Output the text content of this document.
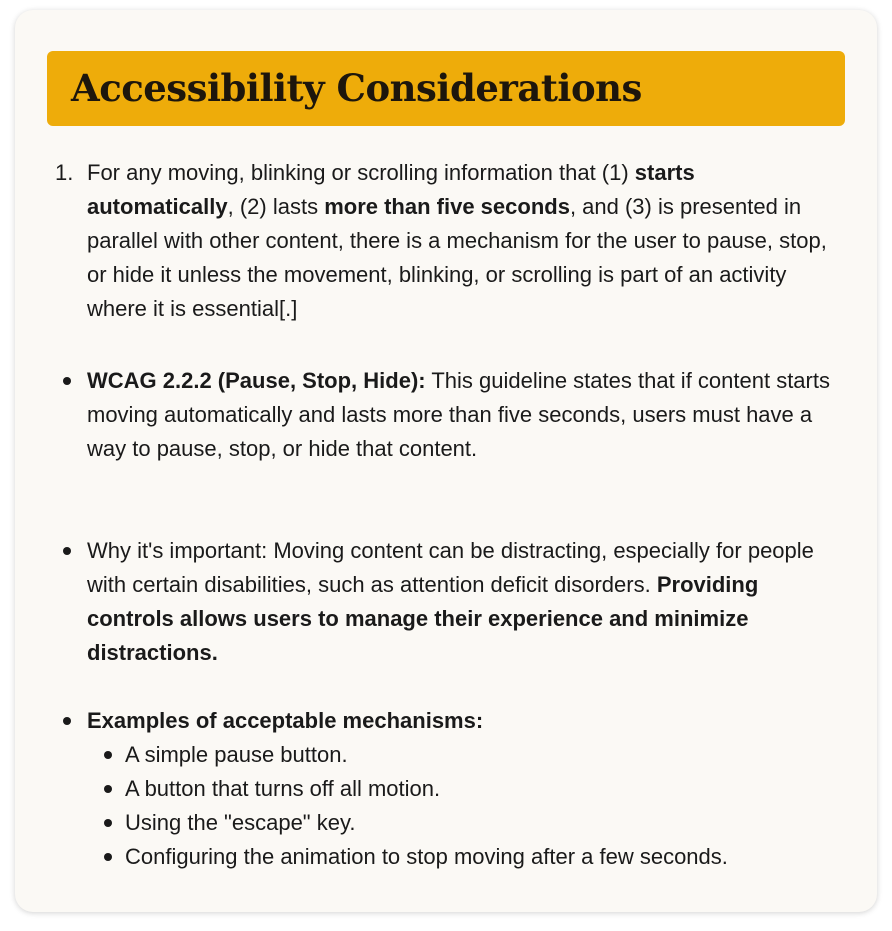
Accessibility Considerations
1. For any moving, blinking or scrolling information that (1) starts automatically, (2) lasts more than five seconds, and (3) is presented in parallel with other content, there is a mechanism for the user to pause, stop, or hide it unless the movement, blinking, or scrolling is part of an activity where it is essential[.]
WCAG 2.2.2 (Pause, Stop, Hide): This guideline states that if content starts moving automatically and lasts more than five seconds, users must have a way to pause, stop, or hide that content.
Why it's important: Moving content can be distracting, especially for people with certain disabilities, such as attention deficit disorders. Providing controls allows users to manage their experience and minimize distractions.
Examples of acceptable mechanisms:
A simple pause button.
A button that turns off all motion.
Using the "escape" key.
Configuring the animation to stop moving after a few seconds.
